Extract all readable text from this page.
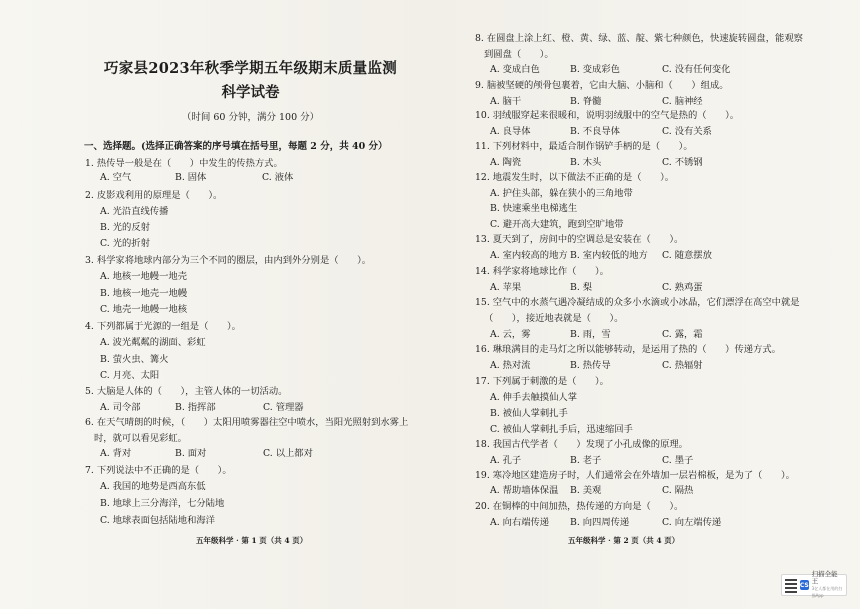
巧家县2023年秋季学期五年级期末质量监测
科学试卷
（时间 60 分钟，满分 100 分）
一、选择题。(选择正确答案的序号填在括号里，每题 2 分，共 40 分）
1. 热传导一般是在（　　）中发生的传热方式。
A. 空气	B. 固体	C. 液体
2. 皮影戏利用的原理是（　　）。
A. 光沿直线传播
B. 光的反射
C. 光的折射
3. 科学家将地球内部分为三个不同的圈层，由内到外分别是（　　）。
A. 地核一地幔一地壳
B. 地核一地壳一地幔
C. 地壳一地幔一地核
4. 下列都属于光源的一组是（　　）。
A. 波光粼粼的湖面、彩虹
B. 萤火虫、篝火
C. 月亮、太阳
5. 大脑是人体的（　　），主管人体的一切活动。
A. 司令部	B. 指挥部	C. 管理器
6. 在天气晴朗的时候，（　　）太阳用喷雾器往空中喷水，当阳光照射到水雾上
时，就可以看见彩虹。
A. 背对	B. 面对	C. 以上都对
7. 下列说法中不正确的是（　　）。
A. 我国的地势是西高东低
B. 地球上三分海洋，七分陆地
C. 地球表面包括陆地和海洋
五年级科学 · 第 1 页（共 4 页）
8. 在圆盘上涂上红、橙、黄、绿、蓝、靛、紫七种颜色，快速旋转圆盘，能观察
到圆盘（　　）。
A. 变成白色	B. 变成彩色	C. 没有任何变化
9. 脑被坚硬的颅骨包裹着，它由大脑、小脑和（　　）组成。
A. 脑干	B. 脊髓	C. 脑神经
10. 羽绒服穿起来很暖和，说明羽绒服中的空气是热的（　　）。
A. 良导体	B. 不良导体	C. 没有关系
11. 下列材料中，最适合制作锅铲手柄的是（　　）。
A. 陶瓷	B. 木头	C. 不锈钢
12. 地震发生时，以下做法不正确的是（　　）。
A. 护住头部，躲在狭小的三角地带
B. 快速乘坐电梯逃生
C. 避开高大建筑，跑到空旷地带
13. 夏天到了，房间中的空调总是安装在（　　）。
A. 室内较高的地方 B. 室内较低的地方 C. 随意摆放
14. 科学家将地球比作（　　）。
A. 苹果	B. 梨	C. 熟鸡蛋
15. 空气中的水蒸气遇冷凝结成的众多小水滴或小冰晶，它们漂浮在高空中就是
（　　），接近地表就是（　　）。
A. 云，雾	B. 雨，雪	C. 露，霜
16. 琳琅满目的走马灯之所以能够转动，是运用了热的（　　）传递方式。
A. 热对流	B. 热传导	C. 热辐射
17. 下列属于刺激的是（　　）。
A. 伸手去触摸仙人掌
B. 被仙人掌刺扎手
C. 被仙人掌刺扎手后，迅速缩回手
18. 我国古代学者（　　）发现了小孔成像的原理。
A. 孔子	B. 老子	C. 墨子
19. 寒冷地区建造房子时，人们通常会在外墙加一层岩棉板，是为了（　　）。
A. 帮助墙体保温 B. 美观	C. 隔热
20. 在铜棒的中间加热，热传递的方向是（　　）。
A. 向右端传递 B. 向四周传递	C. 向左端传递
五年级科学 · 第 2 页（共 4 页）
CS
扫描全能王
3亿人都在用的扫描App
